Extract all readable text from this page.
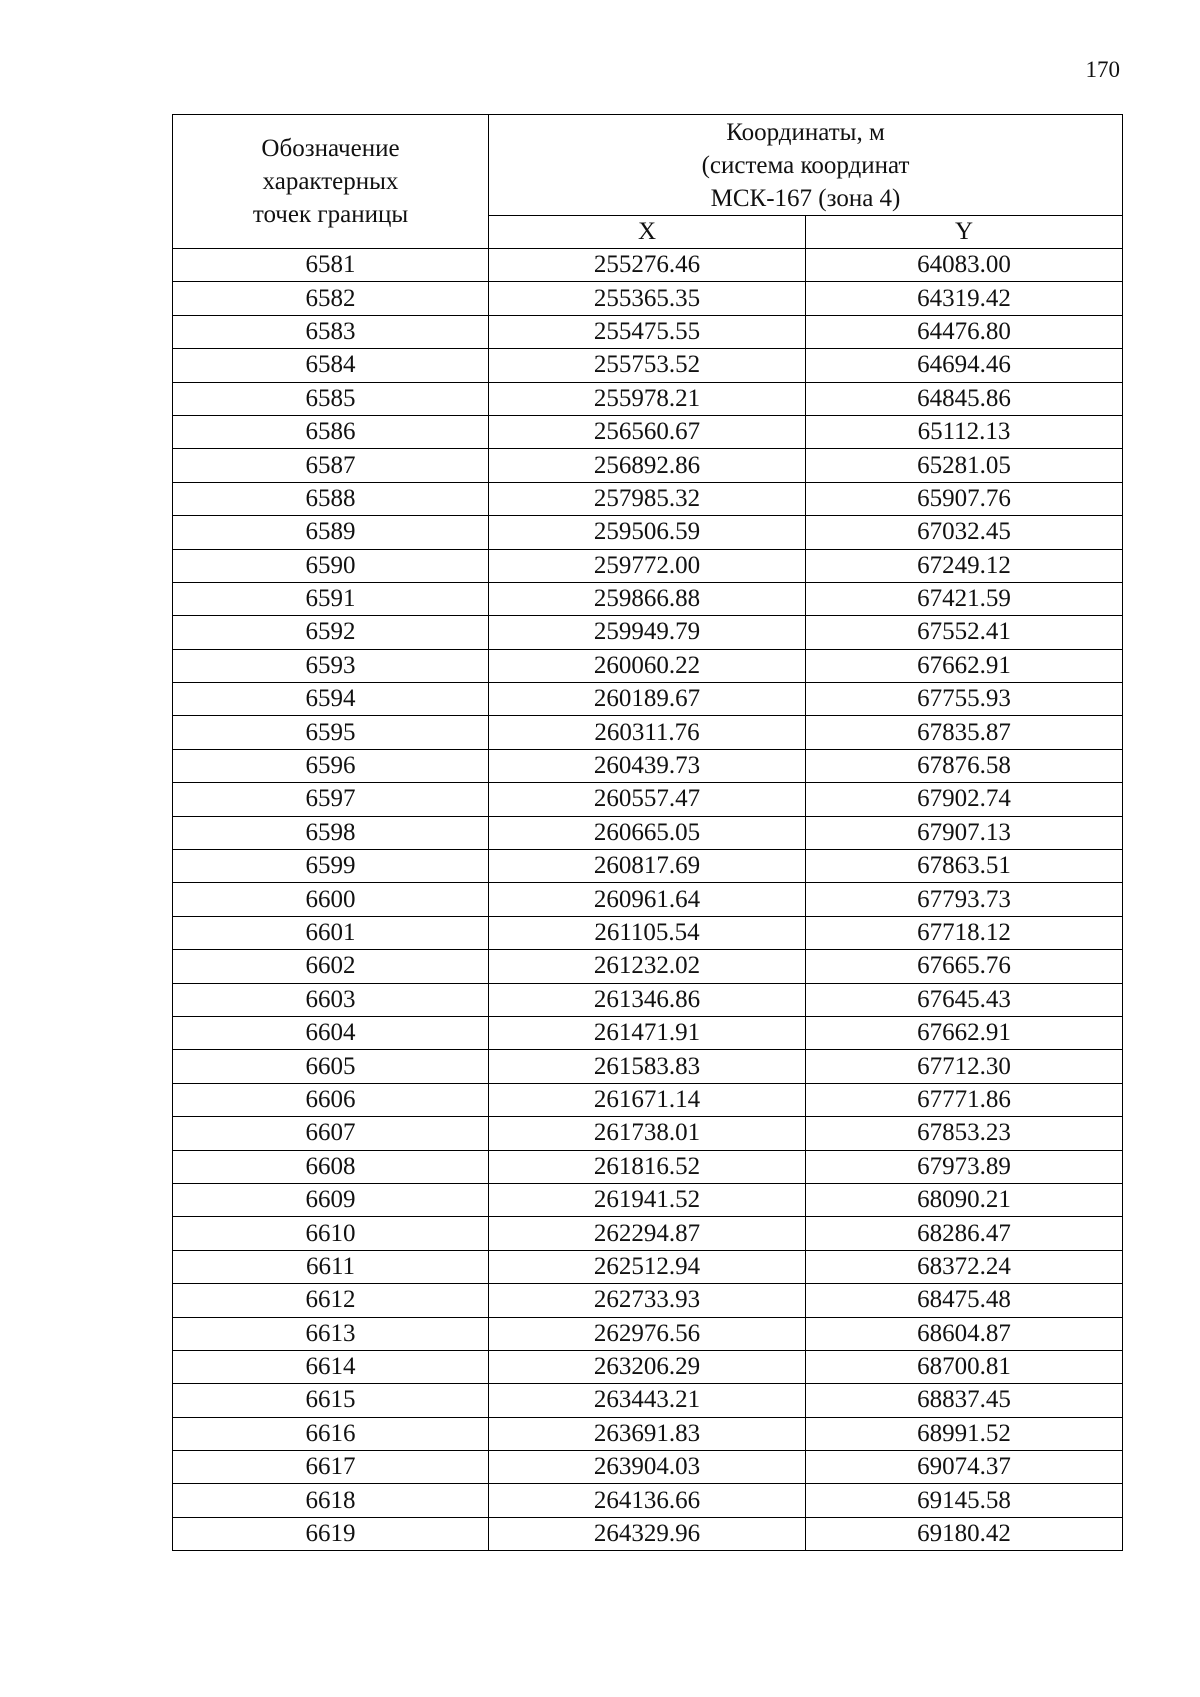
170
Обозначение
характерных
точек границы	Координаты, м
(система координат
МСК-167 (зона 4)	

	X	Y
6581	255276.46	64083.00
6582	255365.35	64319.42
6583	255475.55	64476.80
6584	255753.52	64694.46
6585	255978.21	64845.86
6586	256560.67	65112.13
6587	256892.86	65281.05
6588	257985.32	65907.76
6589	259506.59	67032.45
6590	259772.00	67249.12
6591	259866.88	67421.59
6592	259949.79	67552.41
6593	260060.22	67662.91
6594	260189.67	67755.93
6595	260311.76	67835.87
6596	260439.73	67876.58
6597	260557.47	67902.74
6598	260665.05	67907.13
6599	260817.69	67863.51
6600	260961.64	67793.73
6601	261105.54	67718.12
6602	261232.02	67665.76
6603	261346.86	67645.43
6604	261471.91	67662.91
6605	261583.83	67712.30
6606	261671.14	67771.86
6607	261738.01	67853.23
6608	261816.52	67973.89
6609	261941.52	68090.21
6610	262294.87	68286.47
6611	262512.94	68372.24
6612	262733.93	68475.48
6613	262976.56	68604.87
6614	263206.29	68700.81
6615	263443.21	68837.45
6616	263691.83	68991.52
6617	263904.03	69074.37
6618	264136.66	69145.58
6619	264329.96	69180.42
